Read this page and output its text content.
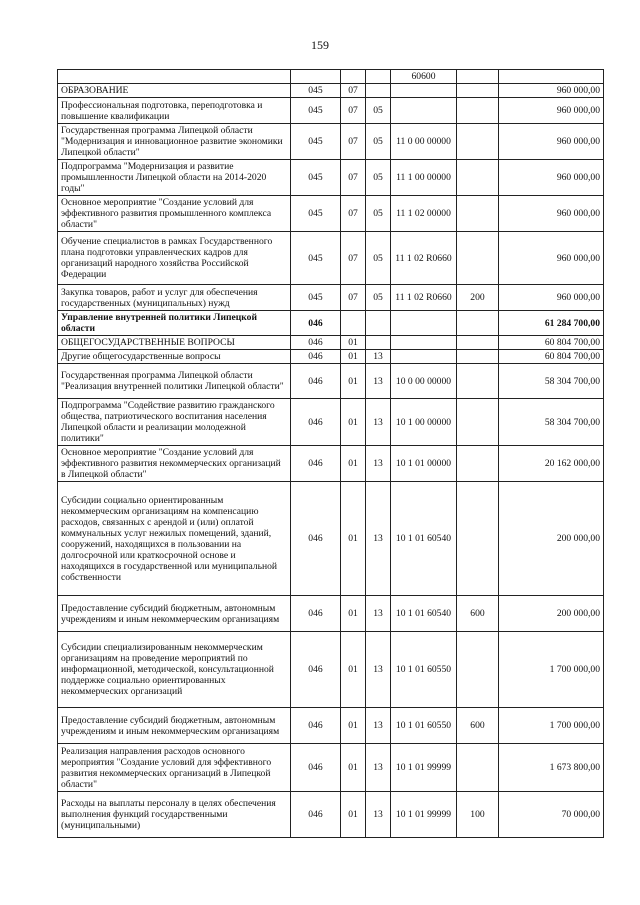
159
				60600		
ОБРАЗОВАНИЕ	045	07				960 000,00
Профессиональная подготовка, переподготовка и повышение квалификации	045	07	05			960 000,00
Государственная программа Липецкой области "Модернизация и инновационное развитие экономики Липецкой области"	045	07	05	11 0 00 00000		960 000,00
Подпрограмма "Модернизация и развитие промышленности Липецкой области на 2014-2020 годы"	045	07	05	11 1 00 00000		960 000,00
Основное мероприятие "Создание условий для эффективного развития промышленного комплекса области"	045	07	05	11 1 02 00000		960 000,00
Обучение специалистов в рамках Государственного плана подготовки управленческих кадров для организаций народного хозяйства Российской Федерации	045	07	05	11 1 02 R0660		960 000,00
Закупка товаров, работ и услуг для обеспечения государственных (муниципальных) нужд	045	07	05	11 1 02 R0660	200	960 000,00
Управление внутренней политики Липецкой области	046					61 284 700,00
ОБЩЕГОСУДАРСТВЕННЫЕ ВОПРОСЫ	046	01				60 804 700,00
Другие общегосударственные вопросы	046	01	13			60 804 700,00
Государственная программа Липецкой области "Реализация внутренней политики Липецкой области"	046	01	13	10 0 00 00000		58 304 700,00
Подпрограмма "Содействие развитию гражданского общества, патриотического воспитания населения Липецкой области и реализации молодежной политики"	046	01	13	10 1 00 00000		58 304 700,00
Основное мероприятие "Создание условий для эффективного развития некоммерческих организаций в Липецкой области"	046	01	13	10 1 01 00000		20 162 000,00
Субсидии социально ориентированным некоммерческим организациям на компенсацию расходов, связанных с арендой и (или) оплатой коммунальных услуг нежилых помещений, зданий, сооружений, находящихся в пользовании на долгосрочной или краткосрочной основе и находящихся в государственной или муниципальной собственности	046	01	13	10 1 01 60540		200 000,00
Предоставление субсидий бюджетным, автономным учреждениям и иным некоммерческим организациям	046	01	13	10 1 01 60540	600	200 000,00
Субсидии специализированным некоммерческим организациям на проведение мероприятий по информационной, методической, консультационной поддержке социально ориентированных некоммерческих организаций	046	01	13	10 1 01 60550		1 700 000,00
Предоставление субсидий бюджетным, автономным учреждениям и иным некоммерческим организациям	046	01	13	10 1 01 60550	600	1 700 000,00
Реализация направления расходов основного мероприятия "Создание условий для эффективного развития некоммерческих организаций в Липецкой области"	046	01	13	10 1 01 99999		1 673 800,00
Расходы на выплаты персоналу в целях обеспечения выполнения функций государственными (муниципальными)	046	01	13	10 1 01 99999	100	70 000,00
